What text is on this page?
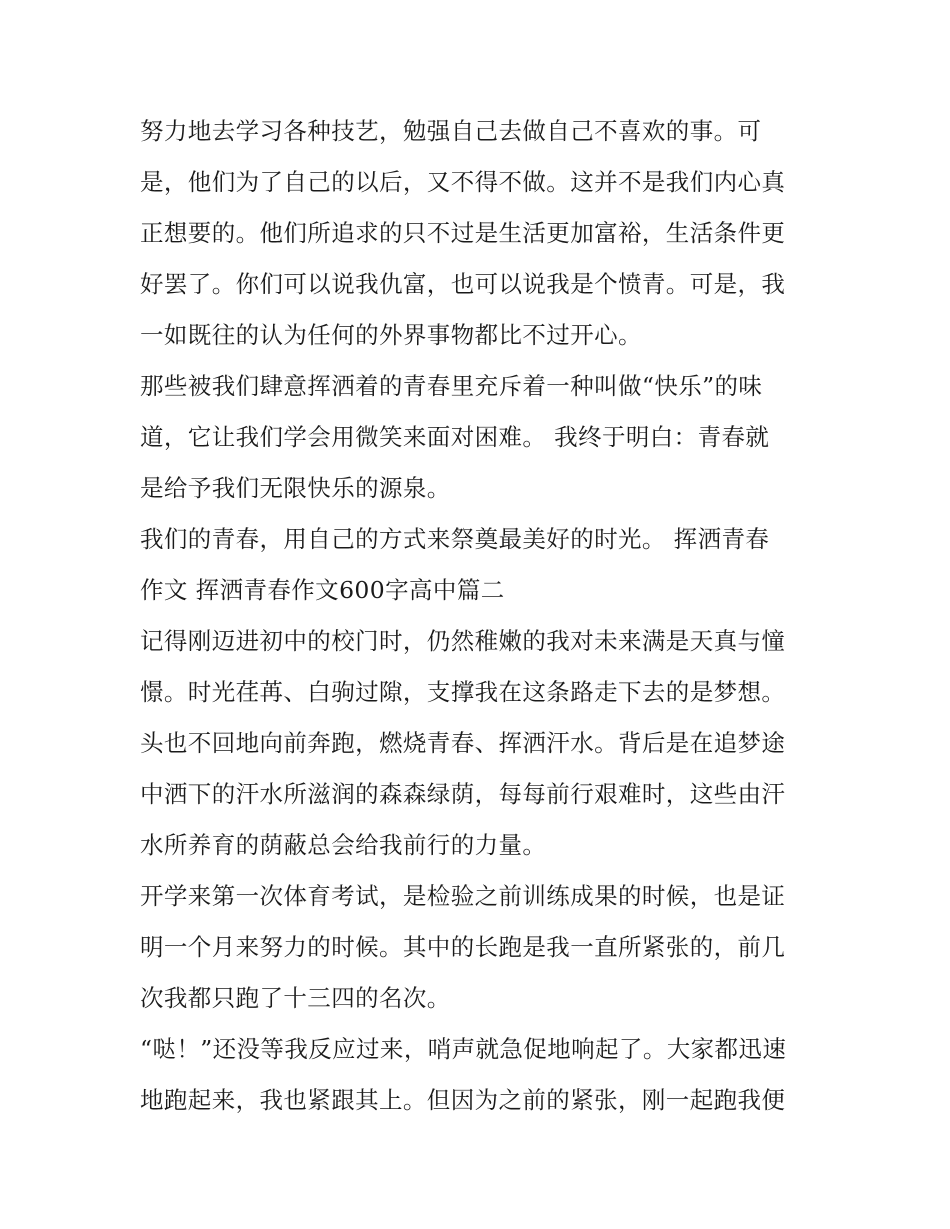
努力地去学习各种技艺，勉强自己去做自己不喜欢的事。可
是，他们为了自己的以后，又不得不做。这并不是我们内心真
正想要的。他们所追求的只不过是生活更加富裕，生活条件更
好罢了。你们可以说我仇富，也可以说我是个愤青。可是，我
一如既往的认为任何的外界事物都比不过开心。
那些被我们肆意挥洒着的青春里充斥着一种叫做“快乐”的味
道，它让我们学会用微笑来面对困难。 我终于明白：青春就
是给予我们无限快乐的源泉。
我们的青春，用自己的方式来祭奠最美好的时光。 挥洒青春
作文 挥洒青春作文600字高中篇二
记得刚迈进初中的校门时，仍然稚嫩的我对未来满是天真与憧
憬。时光荏苒、白驹过隙，支撑我在这条路走下去的是梦想。
头也不回地向前奔跑，燃烧青春、挥洒汗水。背后是在追梦途
中洒下的汗水所滋润的森森绿荫，每每前行艰难时，这些由汗
水所养育的荫蔽总会给我前行的力量。
开学来第一次体育考试，是检验之前训练成果的时候，也是证
明一个月来努力的时候。其中的长跑是我一直所紧张的，前几
次我都只跑了十三四的名次。
“哒！”还没等我反应过来，哨声就急促地响起了。大家都迅速
地跑起来，我也紧跟其上。但因为之前的紧张，刚一起跑我便
